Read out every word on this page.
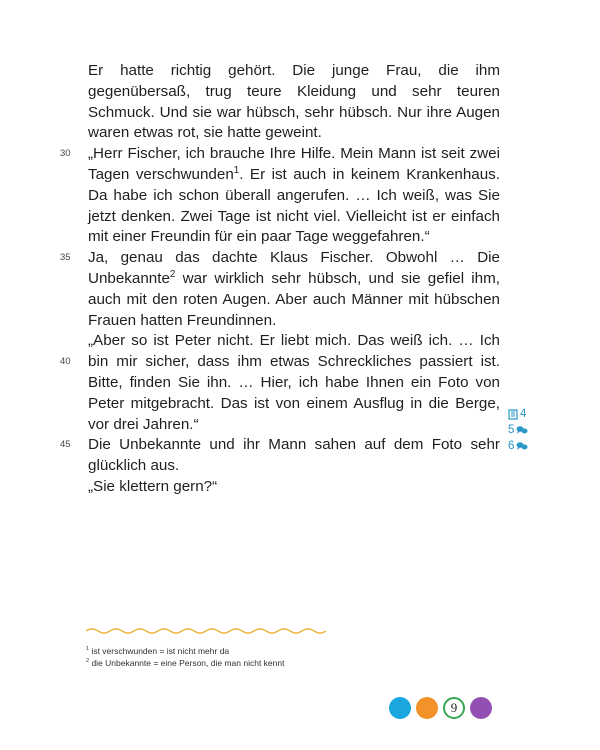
30
35
40
45

Er hatte richtig gehört. Die junge Frau, die ihm gegenübersaß, trug teure Kleidung und sehr teuren Schmuck. Und sie war hübsch, sehr hübsch. Nur ihre Augen waren etwas rot, sie hatte geweint.

„Herr Fischer, ich brauche Ihre Hilfe. Mein Mann ist seit zwei Tagen verschwunden$^1$. Er ist auch in keinem Krankenhaus. Da habe ich schon überall angerufen. … Ich weiß, was Sie jetzt denken. Zwei Tage ist nicht viel. Vielleicht ist er einfach mit einer Freundin für ein paar Tage weggefahren.“

Ja, genau das dachte Klaus Fischer. Obwohl … Die Unbekannte$^2$ war wirklich sehr hübsch, und sie gefiel ihm, auch mit den roten Augen. Aber auch Männer mit hübschen Frauen hatten Freundinnen.

„Aber so ist Peter nicht. Er liebt mich. Das weiß ich. … Ich bin mir sicher, dass ihm etwas Schreckliches passiert ist. Bitte, finden Sie ihn. … Hier, ich habe Ihnen ein Foto von Peter mitgebracht. Das ist von einem Ausflug in die Berge, vor drei Jahren.“

Die Unbekannte und ihr Mann sahen auf dem Foto sehr glücklich aus.

„Sie klettern gern?“

4
5
6

$^1$ ist verschwunden = ist nicht mehr da

$^2$ die Unbekannte = eine Person, die man nicht kennt

9
